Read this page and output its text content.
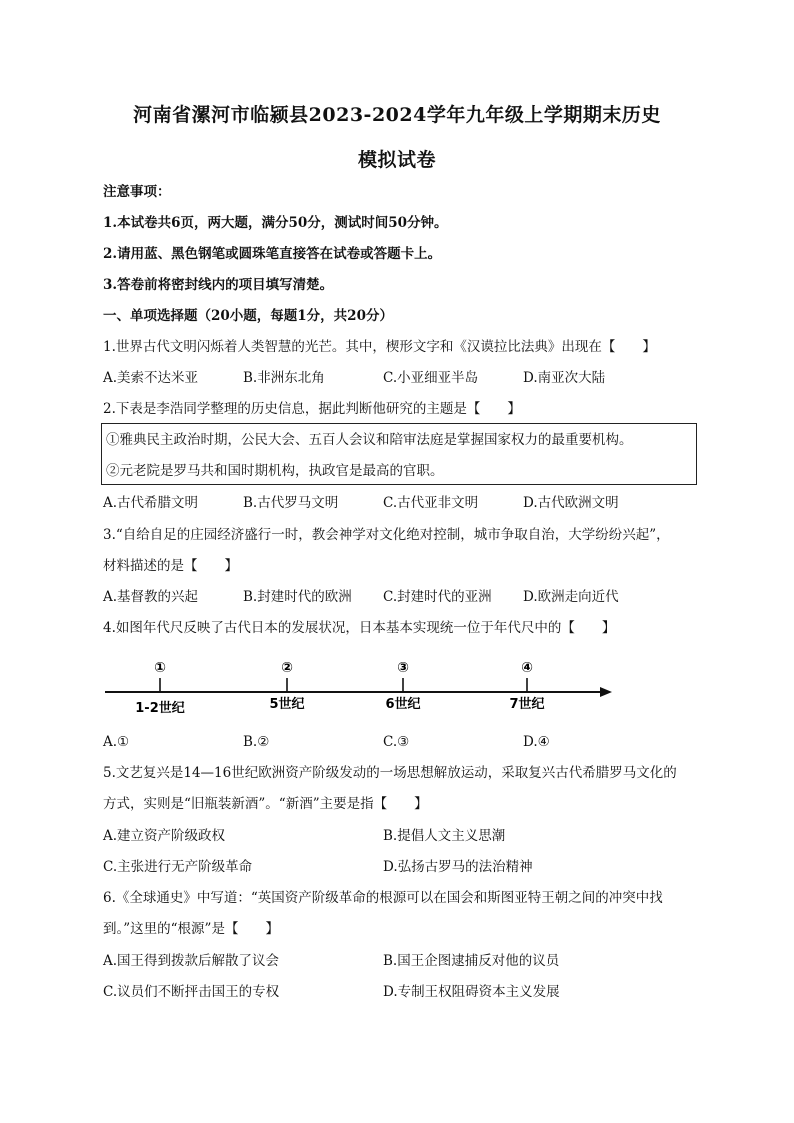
河南省漯河市临颍县2023-2024学年九年级上学期期末历史
模拟试卷
注意事项：
1.本试卷共6页，两大题，满分50分，测试时间50分钟。
2.请用蓝、黑色钢笔或圆珠笔直接答在试卷或答题卡上。
3.答卷前将密封线内的项目填写清楚。
一、单项选择题（20小题，每题1分，共20分）
1.世界古代文明闪烁着人类智慧的光芒。其中，楔形文字和《汉谟拉比法典》出现在【　　】
A.美索不达米亚	B.非洲东北角	C.小亚细亚半岛	D.南亚次大陆
2.下表是李浩同学整理的历史信息，据此判断他研究的主题是【　　】
①雅典民主政治时期，公民大会、五百人会议和陪审法庭是掌握国家权力的最重要机构。
②元老院是罗马共和国时期机构，执政官是最高的官职。
A.古代希腊文明	B.古代罗马文明	C.古代亚非文明	D.古代欧洲文明
3.“自给自足的庄园经济盛行一时，教会神学对文化绝对控制，城市争取自治，大学纷纷兴起”，
材料描述的是【　　】
A.基督教的兴起	B.封建时代的欧洲 C.封建时代的亚洲 D.欧洲走向近代
4.如图年代尺反映了古代日本的发展状况，日本基本实现统一位于年代尺中的【　　】
①	②	③	④
1-2世纪	5世纪	6世纪	7世纪
A.①	B.②	C.③	D.④
5.文艺复兴是14—16世纪欧洲资产阶级发动的一场思想解放运动，采取复兴古代希腊罗马文化的
方式，实则是“旧瓶装新酒”。“新酒”主要是指【　　】
A.建立资产阶级政权	B.提倡人文主义思潮
C.主张进行无产阶级革命	D.弘扬古罗马的法治精神
6.《全球通史》中写道：“英国资产阶级革命的根源可以在国会和斯图亚特王朝之间的冲突中找
到。”这里的“根源”是【　　】
A.国王得到拨款后解散了议会	B.国王企图逮捕反对他的议员
C.议员们不断抨击国王的专权	D.专制王权阻碍资本主义发展
